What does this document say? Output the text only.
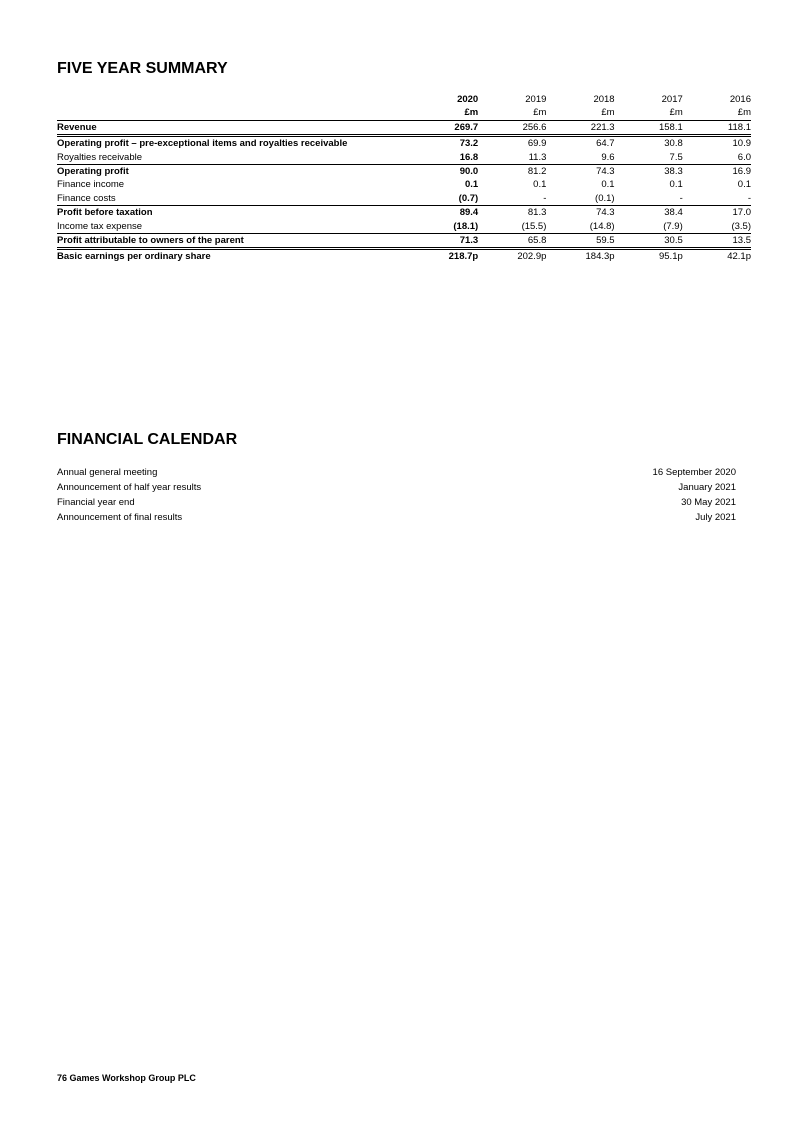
FIVE YEAR SUMMARY
	2020	2019	2018	2017	2016
	£m	£m	£m	£m	£m
Revenue	269.7	256.6	221.3	158.1	118.1
Operating profit – pre-exceptional items and royalties receivable	73.2	69.9	64.7	30.8	10.9
Royalties receivable	16.8	11.3	9.6	7.5	6.0
Operating profit	90.0	81.2	74.3	38.3	16.9
Finance income	0.1	0.1	0.1	0.1	0.1
Finance costs	(0.7)	-	(0.1)	-	-
Profit before taxation	89.4	81.3	74.3	38.4	17.0
Income tax expense	(18.1)	(15.5)	(14.8)	(7.9)	(3.5)
Profit attributable to owners of the parent	71.3	65.8	59.5	30.5	13.5
Basic earnings per ordinary share	218.7p	202.9p	184.3p	95.1p	42.1p
FINANCIAL CALENDAR
Annual general meeting	16 September 2020
Announcement of half year results	January 2021
Financial year end	30 May 2021
Announcement of final results	July 2021
76 Games Workshop Group PLC
